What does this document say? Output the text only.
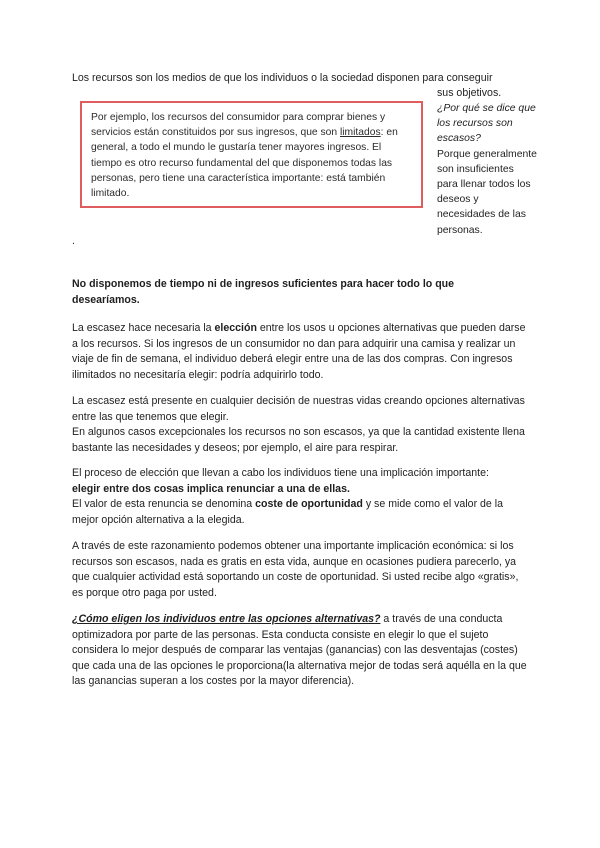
Los recursos son los medios de que los individuos o la sociedad disponen para conseguir
sus objetivos.
Por ejemplo, los recursos del consumidor para comprar bienes y servicios están constituidos por sus ingresos, que son limitados: en general, a todo el mundo le gustaría tener mayores ingresos. El tiempo es otro recurso fundamental del que disponemos todas las personas, pero tiene una característica importante: está también limitado.
¿Por qué se dice que los recursos son escasos?
Porque generalmente son insuficientes para llenar todos los deseos y necesidades de las personas.
.
No disponemos de tiempo ni de ingresos suficientes para hacer todo lo que desearíamos.
La escasez hace necesaria la elección entre los usos u opciones alternativas que pueden darse a los recursos. Si los ingresos de un consumidor no dan para adquirir una camisa y realizar un viaje de fin de semana, el individuo deberá elegir entre una de las dos compras. Con ingresos ilimitados no necesitaría elegir: podría adquirirlo todo.
La escasez está presente en cualquier decisión de nuestras vidas creando opciones alternativas entre las que tenemos que elegir.
En algunos casos excepcionales los recursos no son escasos, ya que la cantidad existente llena bastante las necesidades y deseos; por ejemplo, el aire para respirar.
El proceso de elección que llevan a cabo los individuos tiene una implicación importante:
elegir entre dos cosas implica renunciar a una de ellas.
El valor de esta renuncia se denomina coste de oportunidad y se mide como el valor de la mejor opción alternativa a la elegida.
A través de este razonamiento podemos obtener una importante implicación económica: si los recursos son escasos, nada es gratis en esta vida, aunque en ocasiones pudiera parecerlo, ya que cualquier actividad está soportando un coste de oportunidad. Si usted recibe algo «gratis», es porque otro paga por usted.
¿Cómo eligen los individuos entre las opciones alternativas? a través de una conducta optimizadora por parte de las personas. Esta conducta consiste en elegir lo que el sujeto considera lo mejor después de comparar las ventajas (ganancias) con las desventajas (costes) que cada una de las opciones le proporciona(la alternativa mejor de todas será aquélla en la que las ganancias superan a los costes por la mayor diferencia).
